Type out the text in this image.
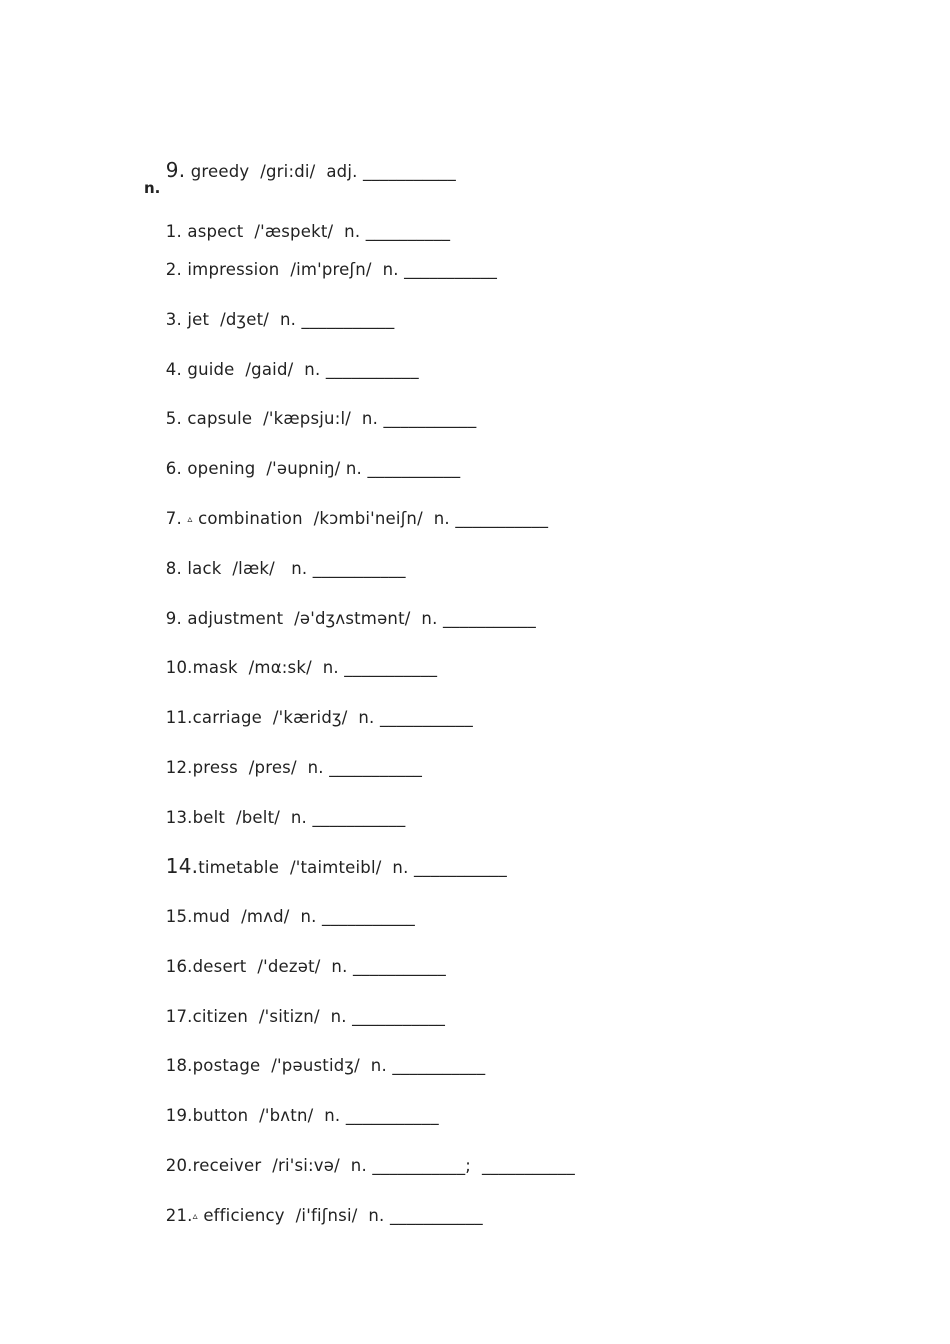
9. greedy /gri:di/ adj. ___________

n.

1. aspect /'æspekt/ n. __________

2. impression /im'preʃn/ n. ___________

3. jet /dʒet/ n. ___________

4. guide /gaid/ n. ___________

5. capsule /'kæpsju:l/ n. ___________

6. opening /'əupniŋ/ n. ___________

7. ▵ combination /kɔmbi'neiʃn/ n. ___________

8. lack /læk/ n. ___________

9. adjustment /ə'dʒʌstmənt/ n. ___________

10.mask /mα:sk/ n. ___________

11.carriage /'kæridʒ/ n. ___________

12.press /pres/ n. ___________

13.belt /belt/ n. ___________

14.timetable /'taimteibl/ n. ___________

15.mud /mʌd/ n. ___________

16.desert /'dezət/ n. ___________

17.citizen /'sitizn/ n. ___________

18.postage /'pəustidʒ/ n. ___________

19.button /'bʌtn/ n. ___________

20.receiver /ri'si:və/ n. ___________; ___________

21.▵ efficiency /i'fiʃnsi/ n. ___________
